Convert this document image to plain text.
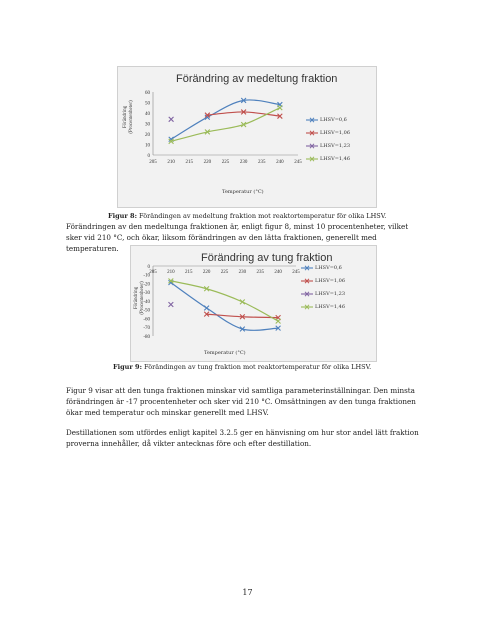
Förändring av medeltung fraktion
Förändring (Procentenheter)
0
10
20
30
40
50
60
205 210 215 220 225 230 235 240 245
Temperatur (°C)
LHSV=0,6
LHSV=1,06
LHSV=1,23
LHSV=1,46
Figur 8: Förändingen av medeltung fraktion mot reaktortemperatur för olika LHSV.

Förändringen av den medeltunga fraktionen är, enligt figur 8, minst 10 procentenheter, vilket sker vid 210 °C, och ökar, liksom förändringen av den lätta fraktionen, generellt med temperaturen.

Förändring av tung fraktion
Förändring (Procentenheter)
0
-10
-20
-30
-40
-50
-60
-70
-80
205 210 215 220 225 230 235 240 245
Temperatur (°C)
LHSV=0,6
LHSV=1,06
LHSV=1,23
LHSV=1,46
Figur 9: Förändingen av tung fraktion mot reaktortemperatur för olika LHSV.

Figur 9 visar att den tunga fraktionen minskar vid samtliga parameterinställningar. Den minsta förändringen är -17 procentenheter och sker vid 210 °C. Omsättningen av den tunga fraktionen ökar med temperatur och minskar generellt med LHSV.

Destillationen som utfördes enligt kapitel 3.2.5 ger en hänvisning om hur stor andel lätt fraktion proverna innehåller, då vikter antecknas före och efter destillation.

17
